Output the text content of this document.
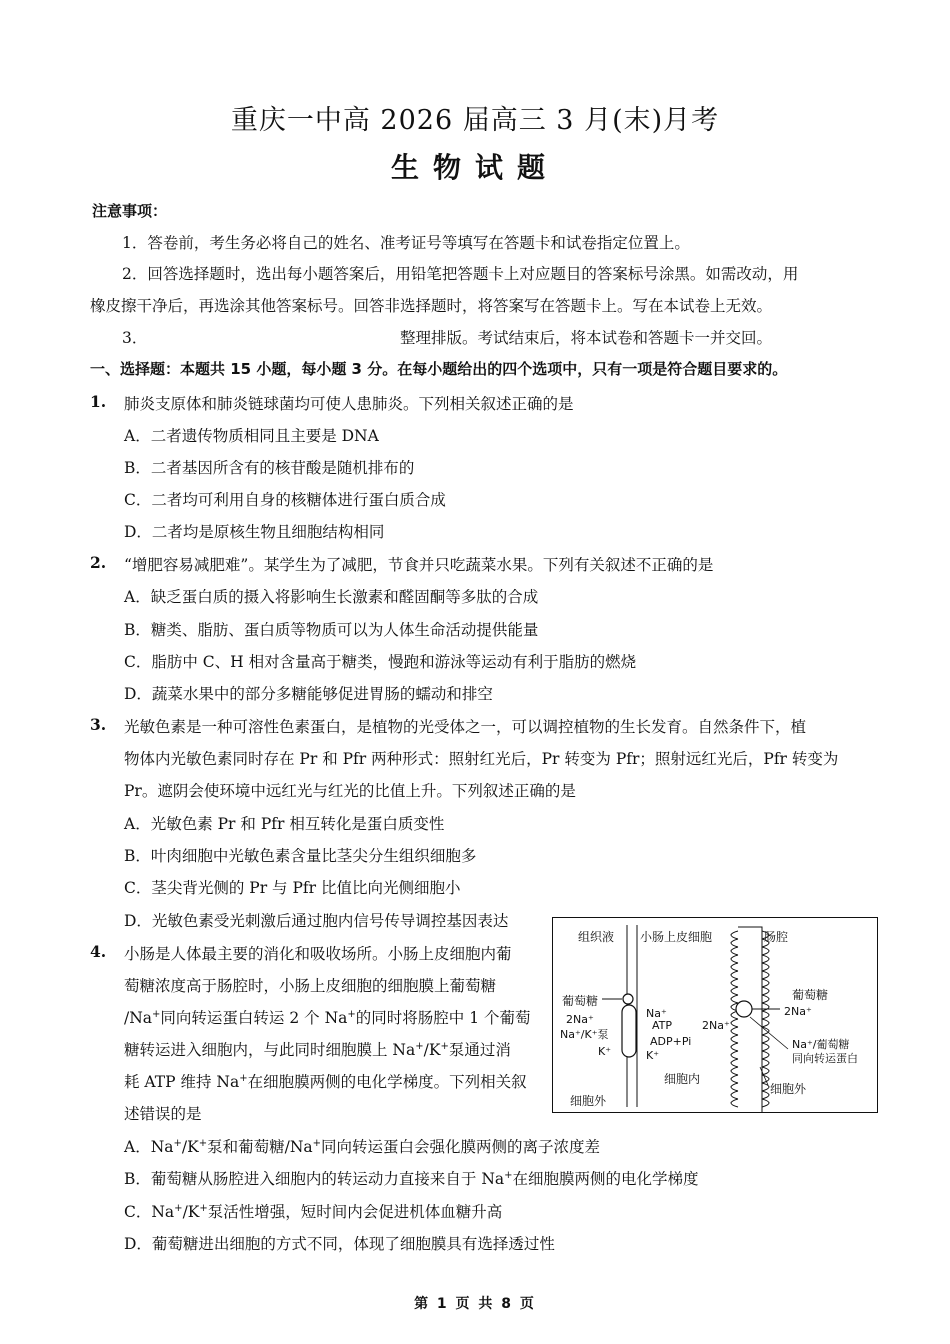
重庆一中高 2026 届高三 3 月(末)月考
生物试题
注意事项：
1．答卷前，考生务必将自己的姓名、准考证号等填写在答题卡和试卷指定位置上。
2．回答选择题时，选出每小题答案后，用铅笔把答题卡上对应题目的答案标号涂黑。如需改动，用
橡皮擦干净后，再选涂其他答案标号。回答非选择题时，将答案写在答题卡上。写在本试卷上无效。
3．	整理排版。考试结束后，将本试卷和答题卡一并交回。
一、选择题：本题共 15 小题，每小题 3 分。在每小题给出的四个选项中，只有一项是符合题目要求的。
1. 肺炎支原体和肺炎链球菌均可使人患肺炎。下列相关叙述正确的是
A．二者遗传物质相同且主要是 DNA
B．二者基因所含有的核苷酸是随机排布的
C．二者均可利用自身的核糖体进行蛋白质合成
D．二者均是原核生物且细胞结构相同
2. “增肥容易减肥难”。某学生为了减肥，节食并只吃蔬菜水果。下列有关叙述不正确的是
A．缺乏蛋白质的摄入将影响生长激素和醛固酮等多肽的合成
B．糖类、脂肪、蛋白质等物质可以为人体生命活动提供能量
C．脂肪中 C、H 相对含量高于糖类，慢跑和游泳等运动有利于脂肪的燃烧
D．蔬菜水果中的部分多糖能够促进胃肠的蠕动和排空
3. 光敏色素是一种可溶性色素蛋白，是植物的光受体之一，可以调控植物的生长发育。自然条件下，植
物体内光敏色素同时存在 Pr 和 Pfr 两种形式：照射红光后，Pr 转变为 Pfr；照射远红光后，Pfr 转变为
Pr。遮阴会使环境中远红光与红光的比值上升。下列叙述正确的是
A．光敏色素 Pr 和 Pfr 相互转化是蛋白质变性
B．叶肉细胞中光敏色素含量比茎尖分生组织细胞多
C．茎尖背光侧的 Pr 与 Pfr 比值比向光侧细胞小
D．光敏色素受光刺激后通过胞内信号传导调控基因表达
4. 小肠是人体最主要的消化和吸收场所。小肠上皮细胞内葡
萄糖浓度高于肠腔时，小肠上皮细胞的细胞膜上葡萄糖
/Na+同向转运蛋白转运 2 个 Na+的同时将肠腔中 1 个葡萄
糖转运进入细胞内，与此同时细胞膜上 Na+/K+泵通过消
耗 ATP 维持 Na+在细胞膜两侧的电化学梯度。下列相关叙
述错误的是
A．Na+/K+泵和葡萄糖/Na+同向转运蛋白会强化膜两侧的离子浓度差
B．葡萄糖从肠腔进入细胞内的转运动力直接来自于 Na+在细胞膜两侧的电化学梯度
C．Na+/K+泵活性增强，短时间内会促进机体血糖升高
D．葡萄糖进出细胞的方式不同，体现了细胞膜具有选择透过性
组织液 小肠上皮细胞	肠腔
葡萄糖
2Na⁺
Na⁺/K⁺泵
K⁺
Na⁺
ATP
ADP+Pi
K⁺
2Na⁺
2Na⁺
葡萄糖
Na⁺/葡萄糖
同向转运蛋白
细胞内
细胞外
细胞外
第 1 页 共 8 页
